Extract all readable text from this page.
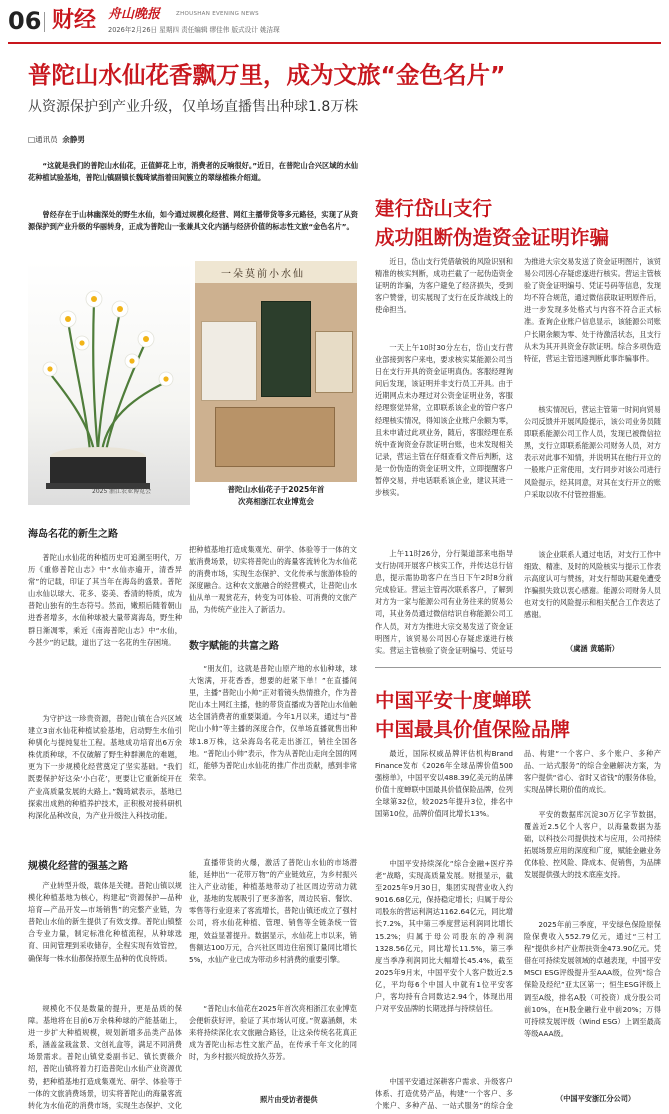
06 财经 舟山晚报	ZHOUSHAN EVENING NEWS
2026年2月26日 星期四 责任编辑 缪佳伟 版式设计 姚洁琛
普陀山水仙花香飘万里，成为文旅“金色名片”
从资源保护到产业升级，仅单场直播售出种球1.8万株
□通讯员 余静男
“这就是我们的普陀山水仙花，正值鲜花上市，消费者的反响很好。”近日，在普陀山合兴区域的水仙花种植试验基地，普陀山镇副镇长魏琦斌指着田间簇立的翠绿植株介绍道。
曾经存在于山林幽深处的野生水仙，如今通过规模化经营、网红主播带货等多元路径，实现了从资源保护到产业升级的华丽转身，正成为普陀山一张兼具文化内涵与经济价值的标志性文旅“金色名片”。
2025 浙江农业博览会
一朵莫前小水仙
普陀山水仙花子于2025年首
次亮相浙江农业博览会
海岛名花的新生之路
普陀山水仙花的种植历史可追溯至明代，万历《重修普陀山志》中“水仙亦遍开，清香异常”的记载，印证了其当年在海岛的盛景。普陀山水仙以球大、花多、姿美、香清的特质，成为普陀山独有的生态符号。然而，嫩照后随着朝山进香者增多，水仙种球被大量带离海岛，野生种群日渐凋零，乘近《南海普陀山志》中“水仙，今甚少”的记载，道出了这一名花的生存困境。
为守护这一珍贵资源，普陀山镇在合兴区域建立3亩水仙花种植试验基地，启动野生水仙引种驯化与提纯复壮工程。基地成功培育出6万余株优质种球，不仅破解了野生种群濒危的难题，更为下一步规模化经营奠定了坚实基础。“我们既要保护好这朵‘小白花’，更要让它重新绽开在产业高质量发展的大路上。”魏琦斌表示，基地已探索出成熟的种植养护技术，正积极对接科研机构深化品种改良，为产业升级注入科技动能。
规模化经营的强基之路
产业转型升级，载体是关键。普陀山镇以规模化种植基地为核心，构建起“资源保护—品种培育—产品开发—市场销售”的完整产业链，为普陀山水仙的新生提供了有效支撑。普陀山镇整合专业力量，制定标准化种植流程，从种球选育、田间管理到采收储存，全程实现有效管控，确保每一株水仙都保持原生品种的优良特质。
规模化不仅是数量的提升，更是品质的保障。基地将在目前6万余株种球的产能基础上，进一步扩大种植规模，规划新增多品类产品体系，涵盖盆栽盆景、文创礼盒等，满足不同消费场景需求。普陀山镇党委副书记、镇长贾薇介绍，普陀山镇将着力打造普陀山水仙产业资源优势，把种植基地打造成集观光、研学、体验等于一体的文旅消费场景，切实将普陀山的海量客流转化为水仙花的消费市场，实现生态保护、文化
把种植基地打造成集观光、研学、体验等于一体的文旅消费场景，切实将普陀山的海量客流转化为水仙花的消费市场，实现生态保护、文化传承与旅游体验的深度融合。这种农文旅融合的经营模式，让普陀山水仙从单一观赏花卉，转变为可体验、可消费的文旅产品，为传统产业注入了新活力。
数字赋能的共富之路
“朋友们，这就是普陀山原产地的水仙种球，球大饱满，开花香香，想要的赶紧下单！”在直播间里，主播“普陀山小帅”正对着镜头热情推介，作为普陀山本土网红主播，他的带货直播成为普陀山水仙触达全国消费者的重要渠道。今年1月以来，通过与“普陀山小帅”等主播的深度合作，仅单场直播就售出种球1.8万株，这朵海岛名花走出浙江，销往全国各地。“普陀山小帅”表示，作为从普陀山走向全国的网红，能够为普陀山水仙花的推广作出贡献，感到非常荣幸。
直播带货的火爆，激活了普陀山水仙的市场潜能，延伸出“一花带万物”的产业链效应，为乡村振兴注入产业动能，种植基地带动了社区周边劳动力就业，基地的发展吸引了更多游客，周边民宿、餐饮、零售等行业迎来了客流增长，普陀山镇还成立了强村公司，将水仙花种植、管理、销售等全链条统一管理，效益显著提升。数据显示，水仙花上市以来，销售额达100万元，合兴社区周边住宿预订量同比增长5%，水仙产业已成为带动乡村消费的重要引擎。
“普陀山水仙花在2025年首次亮相浙江农业博览会便斩获好评，验证了其市场认可度。”贺嘉涵颇，未来将持续深化农文旅融合路径，让这朵传统名花真正成为普陀山标志性文旅产品，在传承千年文化的同时，为乡村振兴绽放持久芬芳。
照片由受访者提供
建行岱山支行
成功阻断伪造资金证明诈骗
近日，岱山支行凭借敏锐的风险识别和精准的核实判断，成功拦截了一起伪造资金证明的诈骗，为客户避免了经济损失，受到客户赞誉，切实展现了支行在反诈战线上的使命担当。
一天上午10时30分左右，岱山支行营业部接到客户来电，要求核实某能源公司当日在支行开具的资金证明真伪。客服经理询问后发现，该证明并非支行员工开具。由于近期网点未办理过对公资金证明业务，客服经理察觉异常，立即联系该企业的管户客户经理核实情况，得知该企业账户余额为零，且未申请过此项业务，随后，客服经理在系统中查询资金存款证明台账，也未发现相关记录，营运主管在仔细查看文件后判断，这是一份伪造的资金证明文件，立即提醒客户暂停交易，并电话联系该企业，建议其进一步核实。
上午11时26分，分行渠道部来电指导支行协同开展客户核实工作，并传达总行信息，提示需协助客户在当日下午2时8分前完成验证。营运主管再次联系客户，了解到对方为一家与能源公司有业务往来的贸易公司，其业务员通过微信结识自称能源公司工作人员，对方为推进大宗交易发送了资金证明图片，该贸易公司因心存疑虑遂进行核实。营运主管核验了资金证明编号、凭证号
为推进大宗交易发送了资金证明图片，该贸易公司因心存疑虑遂进行核实。营运主管核验了资金证明编号、凭证号码等信息，发现均不符合规范，通过微信获取证明原件后，进一步发现多处格式与内容不符合正式标准。查询企业账户信息显示，该能源公司账户长期余额为零、处于待激活状态，且支行从未为其开具资金存款证明。综合多项伪造特征，营运主管迅速判断此事诈骗事件。
核实情况后，营运主管第一时间向贸易公司反馈并开展风险提示，该公司业务员随即联系能源公司工作人员，发现已被微信拉黑，支行立即联系能源公司财务人员，对方表示对此事不知情，并说明其在他行开立的一般账户正常使用，支行同步对该公司进行风险提示，经其同意，对其在支行开立的账户采取以收不付管控措施。
该企业联系人通过电话，对支行工作中细致、精准、及时的风险核实与提示工作表示高度认可与赞扬，对支行帮助其避免遭受诈骗损失致以衷心感谢。能源公司财务人员也对支行的风险提示和相关配合工作表达了感谢。
（虞涵 黄璐斯）
中国平安十度蝉联
中国最具价值保险品牌
最近，国际权威品牌评估机构Brand Finance发布《2026年全球品牌价值500强榜单》，中国平安以488.39亿美元的品牌价值十度蝉联中国最具价值保险品牌，位列全球第32位，较2025年提升3位，排名中国第10位，品牌价值同比增长13%。
中国平安持续深化“综合金融+医疗养老”战略，实现高质量发展。财报显示，截至2025年9月30日，集团实现营业收入约9016.68亿元，保持稳定增长；归属于母公司股东的营运利润达1162.64亿元，同比增长7.2%，其中第三季度营运利润同比增长15.2%；归属于母公司股东的净利润1328.56亿元，同比增长11.5%，第三季度当季净利润同比大幅增长45.4%，截至2025年9月末，中国平安个人客户数近2.5亿，平均每6个中国人中就有1位平安客户，客均持有合同数达2.94个，体现出用户对平安品牌的长期选择与持续信任。
中国平安通过深耕客户需求、升级客户体系、打造优势产品，构建“一个客户、多个账户、多种产品、一站式服务”的综合金
品、构建“一个客户、多个账户、多种产品、一站式服务”的综合金融解决方案，为客户提供“省心、省时又省钱”的服务体验，实现品牌长期价值的成长。
平安的数据库沉淀30万亿字节数据，覆盖近2.5亿个人客户，以海量数据为基础，以科技公司提供技术与应用，公司持续拓展场景应用的深度和广度，赋能金融业务优体验、控风险、降成本、促销售，为品牌发展提供强大的技术底座支持。
2025年前三季度，平安绿色保险原保险保费收入552.79亿元，通过“三村工程”提供乡村产业帮扶资金473.90亿元。凭借在可持续发展领域的卓越表现，中国平安MSCI ESG评级提升至AAA级，位列“综合保险及经纪”亚太区第一；恒生ESG评级上调至A级，排名A股（可投资）成分股公司前10%，在H股金融行业中前20%；万得可持续发展评级（Wind ESG）上调至最高等级AAA级。
（中国平安浙江分公司）
